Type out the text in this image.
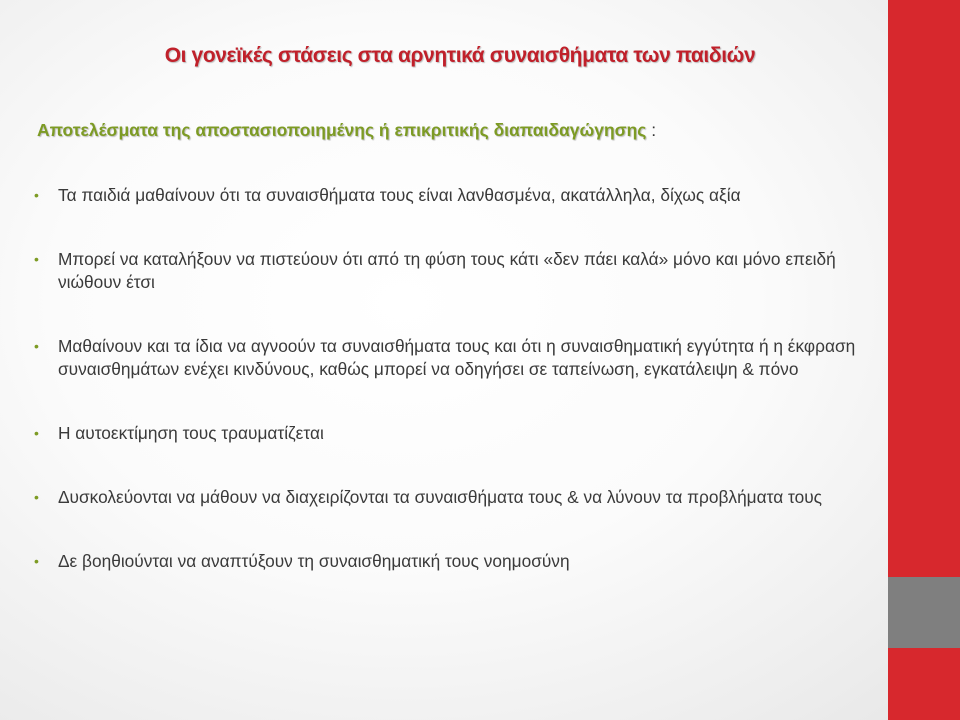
Οι γονεϊκές στάσεις στα αρνητικά συναισθήματα των παιδιών
Αποτελέσματα της αποστασιοποιημένης ή επικριτικής διαπαιδαγώγησης :
• Τα παιδιά μαθαίνουν ότι τα συναισθήματα τους είναι λανθασμένα, ακατάλληλα, δίχως αξία
• Μπορεί να καταλήξουν να πιστεύουν ότι από τη φύση τους κάτι «δεν πάει καλά» μόνο και μόνο επειδή νιώθουν έτσι
• Μαθαίνουν και τα ίδια να αγνοούν τα συναισθήματα τους και ότι η συναισθηματική εγγύτητα ή η έκφραση συναισθημάτων ενέχει κινδύνους, καθώς μπορεί να οδηγήσει σε ταπείνωση, εγκατάλειψη & πόνο
• Η αυτοεκτίμηση τους τραυματίζεται
• Δυσκολεύονται να μάθουν να διαχειρίζονται τα συναισθήματα τους & να λύνουν τα προβλήματα τους
• Δε βοηθιούνται να αναπτύξουν τη συναισθηματική τους νοημοσύνη
